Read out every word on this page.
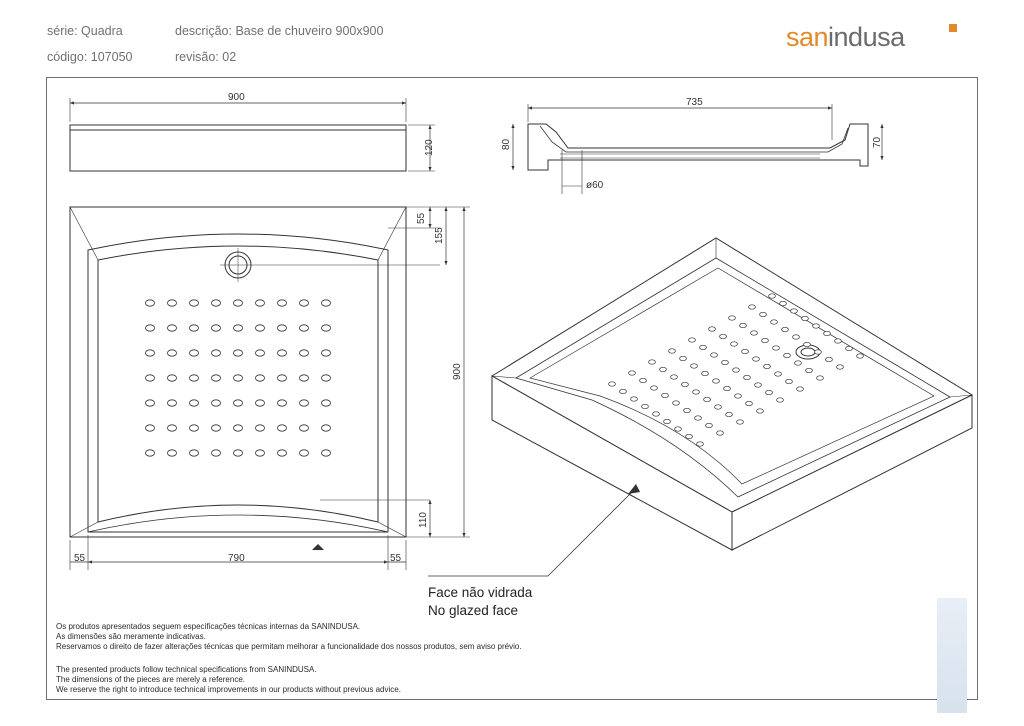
série: Quadra	descrição: Base de chuveiro 900x900
código: 107050	revisão: 02
sanindusa
900
120
735
80	70
ø60
55
155
900
110
55	790	55
Face não vidrada
No glazed face
Os produtos apresentados seguem especificações técnicas internas da SANINDUSA.
As dimensões são meramente indicativas.
Reservamos o direito de fazer alterações técnicas que permitam melhorar a funcionalidade dos nossos produtos, sem aviso prévio.
The presented products follow technical specifications from SANINDUSA.
The dimensions of the pieces are merely a reference.
We reserve the right to introduce technical improvements in our products without previous advice.
